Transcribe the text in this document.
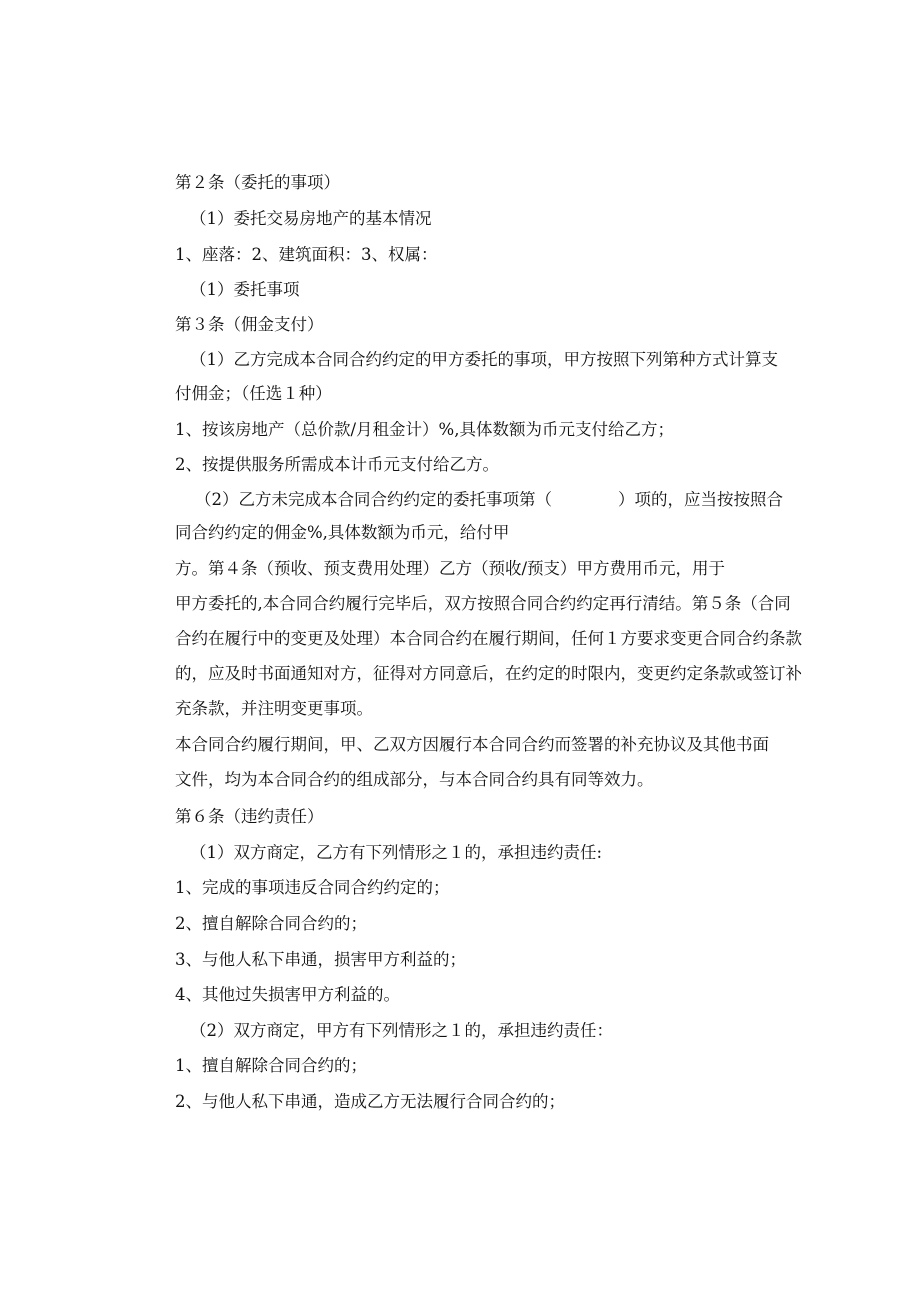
第２条（委托的事项）
（1）委托交易房地产的基本情况
1、座落：2、建筑面积：3、权属：
（1）委托事项
第３条（佣金支付）
（1）乙方完成本合同合约约定的甲方委托的事项，甲方按照下列第种方式计算支
付佣金；（任选１种）
1、按该房地产（总价款/月租金计）%,具体数额为币元支付给乙方；
2、按提供服务所需成本计币元支付给乙方。
（2）乙方未完成本合同合约约定的委托事项第（　　　　）项的，应当按按照合
同合约约定的佣金%,具体数额为币元，给付甲
方。第４条（预收、预支费用处理）乙方（预收/预支）甲方费用币元，用于
甲方委托的,本合同合约履行完毕后，双方按照合同合约约定再行清结。第５条（合同
合约在履行中的变更及处理）本合同合约在履行期间，任何１方要求变更合同合约条款
的，应及时书面通知对方，征得对方同意后，在约定的时限内，变更约定条款或签订补
充条款，并注明变更事项。
本合同合约履行期间，甲、乙双方因履行本合同合约而签署的补充协议及其他书面
文件，均为本合同合约的组成部分，与本合同合约具有同等效力。
第６条（违约责任）
（1）双方商定，乙方有下列情形之１的，承担违约责任:
1、完成的事项违反合同合约约定的；
2、擅自解除合同合约的；
3、与他人私下串通，损害甲方利益的；
4、其他过失损害甲方利益的。
（2）双方商定，甲方有下列情形之１的，承担违约责任：
1、擅自解除合同合约的；
2、与他人私下串通，造成乙方无法履行合同合约的；
